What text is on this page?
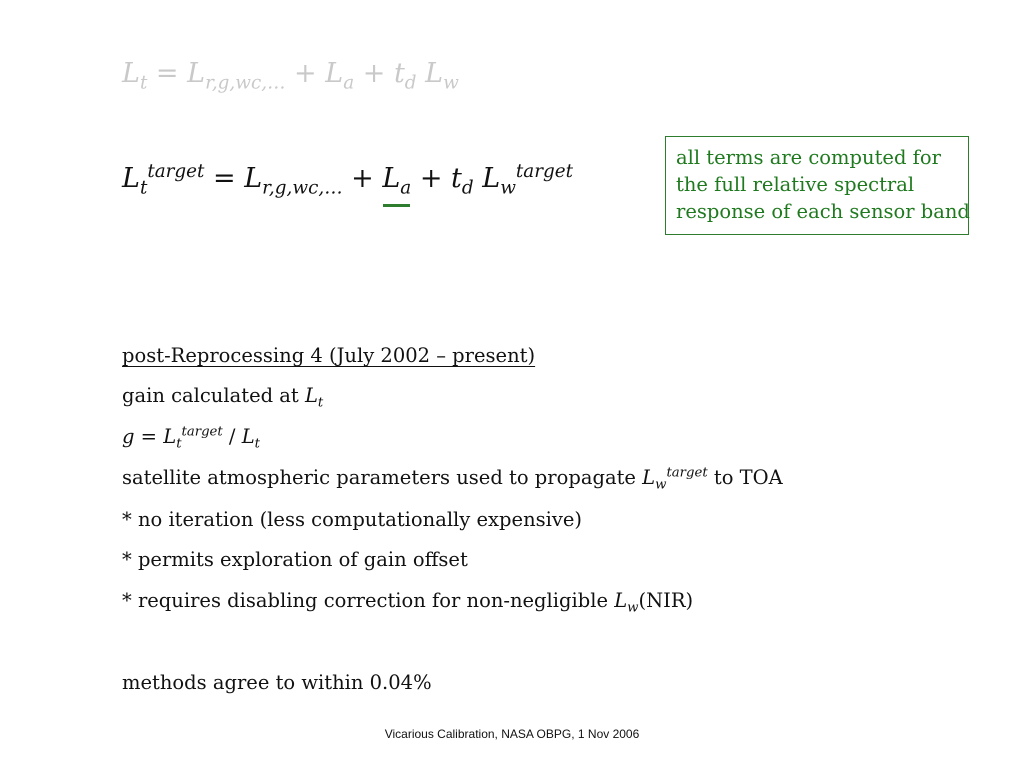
$L_t = L_{r,g,wc,\dots} + L_a + t_d$ $L_w$
$L_t^{target} = L_{r,g,wc,\dots} + L_a$
+ $t_d$ $L_w^{target}$
all terms are computed for
the full relative spectral
response of each sensor band
post-Reprocessing 4 (July 2002 – present)
gain calculated at $L_t$
$g = L_t^{target} / L_t$
satellite atmospheric parameters used to propagate $L_w^{target}$ to TOA
* no iteration (less computationally expensive)
* permits exploration of gain offset
* requires disabling correction for non-negligible $L_w(NIR)$
methods agree to within 0.04%
Vicarious Calibration, NASA OBPG, 1 Nov 2006
